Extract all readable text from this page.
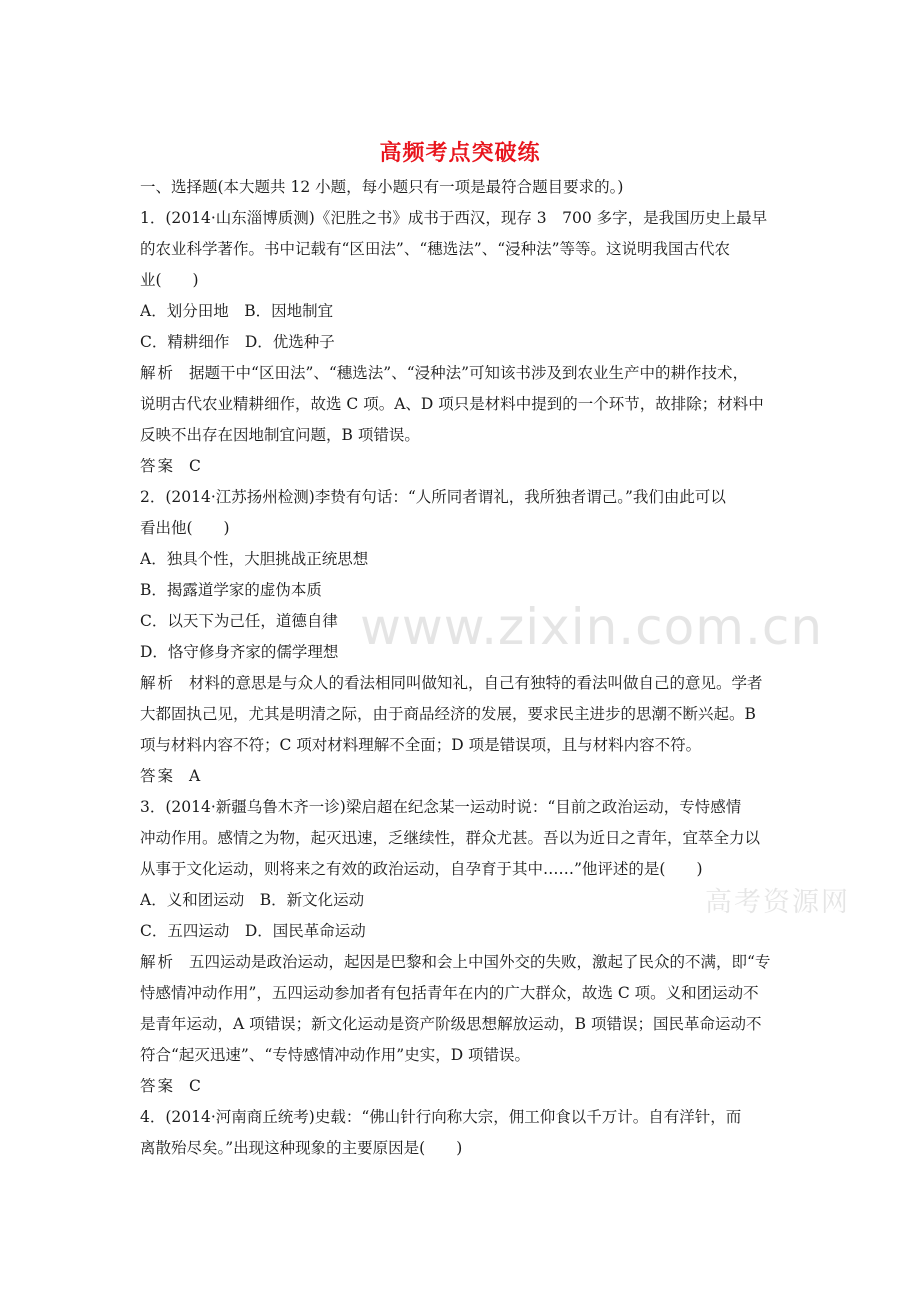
高频考点突破练
www.zixin.com.cn
高考资源网
一、选择题(本大题共 12 小题，每小题只有一项是最符合题目要求的。)
1．(2014·山东淄博质测)《汜胜之书》成书于西汉，现存 3　700 多字，是我国历史上最早
的农业科学著作。书中记载有“区田法”、“穗选法”、“浸种法”等等。这说明我国古代农
业(　　)
A．划分田地　B．因地制宜
C．精耕细作　D．优选种子
解析 据题干中“区田法”、“穗选法”、“浸种法”可知该书涉及到农业生产中的耕作技术，
说明古代农业精耕细作，故选 C 项。A、D 项只是材料中提到的一个环节，故排除；材料中
反映不出存在因地制宜问题，B 项错误。
答案 C
2．(2014·江苏扬州检测)李贽有句话：“人所同者谓礼，我所独者谓己。”我们由此可以
看出他(　　)
A．独具个性，大胆挑战正统思想
B．揭露道学家的虚伪本质
C．以天下为己任，道德自律
D．恪守修身齐家的儒学理想
解析 材料的意思是与众人的看法相同叫做知礼，自己有独特的看法叫做自己的意见。学者
大都固执己见，尤其是明清之际，由于商品经济的发展，要求民主进步的思潮不断兴起。B
项与材料内容不符；C 项对材料理解不全面；D 项是错误项，且与材料内容不符。
答案 A
3．(2014·新疆乌鲁木齐一诊)梁启超在纪念某一运动时说：“目前之政治运动，专恃感情
冲动作用。感情之为物，起灭迅速，乏继续性，群众尤甚。吾以为近日之青年，宜萃全力以
从事于文化运动，则将来之有效的政治运动，自孕育于其中……”他评述的是(　　)
A．义和团运动　B．新文化运动
C．五四运动　D．国民革命运动
解析 五四运动是政治运动，起因是巴黎和会上中国外交的失败，激起了民众的不满，即“专
恃感情冲动作用”，五四运动参加者有包括青年在内的广大群众，故选 C 项。义和团运动不
是青年运动，A 项错误；新文化运动是资产阶级思想解放运动，B 项错误；国民革命运动不
符合“起灭迅速”、“专恃感情冲动作用”史实，D 项错误。
答案 C
4．(2014·河南商丘统考)史载：“佛山针行向称大宗，佣工仰食以千万计。自有洋针，而
离散殆尽矣。”出现这种现象的主要原因是(　　)
